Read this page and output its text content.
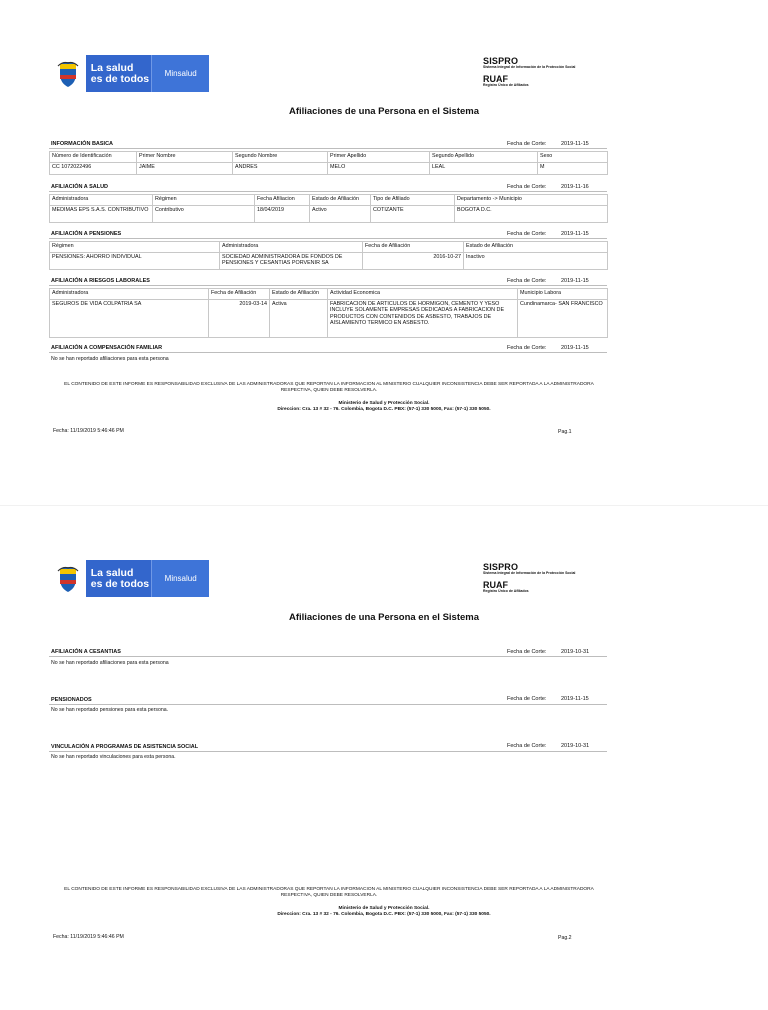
La salud
es de todos	Minsalud
SISPRO
Sistema Integral de Información de la Protección Social
RUAF
Registro Único de Afiliados
Afiliaciones de una Persona en el Sistema
INFORMACIÓN BASICA	Fecha de Corte:	2019-11-15
Número de Identificación	Primer Nombre	Segundo Nombre	Primer Apellido	Segundo Apellido	Sexo
CC 1072022496	JAIME	ANDRES	MELO	LEAL	M
AFILIACIÓN A SALUD	Fecha de Corte:	2019-11-16
Administradora	Régimen	Fecha Afiliacion	Estado de Afiliación	Tipo de Afiliado	Departamento -> Municipio
MEDIMAS EPS S.A.S. CONTRIBUTIVO	Contributivo	18/04/2019	Activo	COTIZANTE	BOGOTA D.C.
AFILIACIÓN A PENSIONES	Fecha de Corte:	2019-11-15
Régimen	Administradora	Fecha de Afiliación	Estado de Afiliación
PENSIONES: AHORRO INDIVIDUAL	SOCIEDAD ADMINISTRADORA DE FONDOS DE PENSIONES Y CESANTIAS PORVENIR SA	2016-10-27	Inactivo
AFILIACIÓN A RIESGOS LABORALES	Fecha de Corte:	2019-11-15
Administradora	Fecha de Afiliación	Estado de Afiliación	Actividad Economica	Municipio Labora
SEGUROS DE VIDA COLPATRIA SA	2019-03-14	Activa	FABRICACION DE ARTICULOS DE HORMIGON, CEMENTO Y YESO INCLUYE SOLAMENTE EMPRESAS DEDICADAS A FABRICACION DE PRODUCTOS CON CONTENIDOS DE ASBESTO, TRABAJOS DE AISLAMIENTO TERMICO EN ASBESTO.	Cundinamarca- SAN FRANCISCO
AFILIACIÓN A COMPENSACIÓN FAMILIAR	Fecha de Corte:	2019-11-15
No se han reportado afiliaciones para esta persona
EL CONTENIDO DE ESTE INFORME ES RESPONSABILIDAD EXCLUSIVA DE LAS ADMINISTRADORAS QUE REPORTAN LA INFORMACION AL MINISTERIO CUALQUIER INCONSISTENCIA DEBE SER REPORTADA A LA ADMINISTRADORA RESPECTIVA, QUIEN DEBE RESOLVERLA.
Ministerio de Salud y Protección Social.
Direccion: Cra. 13 # 32 - 76. Colombia, Bogota D.C. PBX: (57-1) 330 5000, Fax: (57-1) 330 5050.
Fecha: 11/19/2019 5:46:46 PM	Pag.1
La salud
es de todos	Minsalud
SISPRO
Sistema Integral de Información de la Protección Social
RUAF
Registro Único de Afiliados
Afiliaciones de una Persona en el Sistema
AFILIACIÓN A CESANTIAS	Fecha de Corte:	2019-10-31
No se han reportado afiliaciones para esta persona
PENSIONADOS	Fecha de Corte:	2019-11-15
No se han reportado pensiones para esta persona.
VINCULACIÓN A PROGRAMAS DE ASISTENCIA SOCIAL	Fecha de Corte:	2019-10-31
No se han reportado vinculaciones para esta persona.
EL CONTENIDO DE ESTE INFORME ES RESPONSABILIDAD EXCLUSIVA DE LAS ADMINISTRADORAS QUE REPORTAN LA INFORMACION AL MINISTERIO CUALQUIER INCONSISTENCIA DEBE SER REPORTADA A LA ADMINISTRADORA RESPECTIVA, QUIEN DEBE RESOLVERLA.
Ministerio de Salud y Protección Social.
Direccion: Cra. 13 # 32 - 76. Colombia, Bogota D.C. PBX: (57-1) 330 5000, Fax: (57-1) 330 5050.
Fecha: 11/19/2019 5:46:46 PM	Pag.2
